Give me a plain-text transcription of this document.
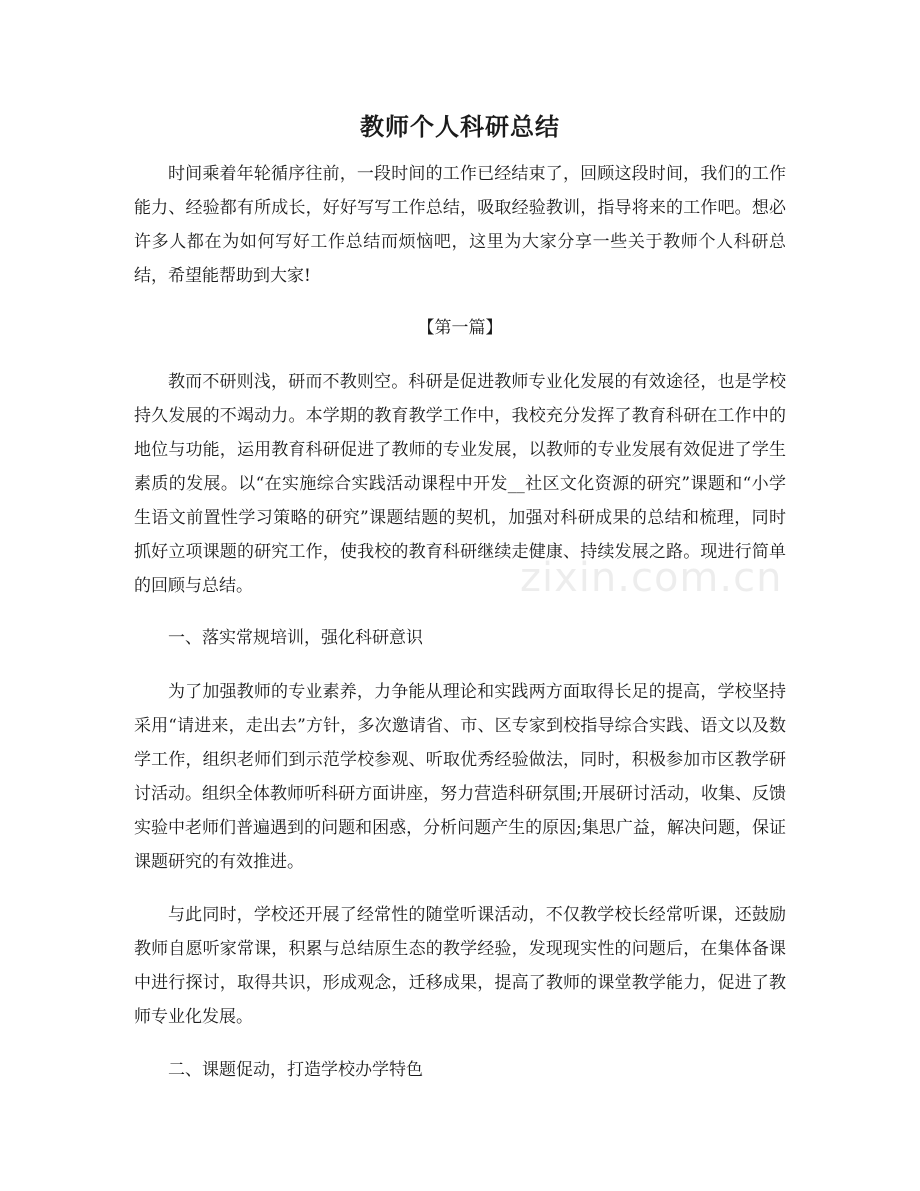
教师个人科研总结

时间乘着年轮循序往前，一段时间的工作已经结束了，回顾这段时间，我们的工作能力、经验都有所成长，好好写写工作总结，吸取经验教训，指导将来的工作吧。想必许多人都在为如何写好工作总结而烦恼吧，这里为大家分享一些关于教师个人科研总结，希望能帮助到大家!

【第一篇】

教而不研则浅，研而不教则空。科研是促进教师专业化发展的有效途径，也是学校持久发展的不竭动力。本学期的教育教学工作中，我校充分发挥了教育科研在工作中的地位与功能，运用教育科研促进了教师的专业发展，以教师的专业发展有效促进了学生素质的发展。以“在实施综合实践活动课程中开发__社区文化资源的研究”课题和“小学生语文前置性学习策略的研究”课题结题的契机，加强对科研成果的总结和梳理，同时抓好立项课题的研究工作，使我校的教育科研继续走健康、持续发展之路。现进行简单的回顾与总结。

一、落实常规培训，强化科研意识

为了加强教师的专业素养，力争能从理论和实践两方面取得长足的提高，学校坚持采用“请进来，走出去”方针，多次邀请省、市、区专家到校指导综合实践、语文以及数学工作，组织老师们到示范学校参观、听取优秀经验做法，同时，积极参加市区教学研讨活动。组织全体教师听科研方面讲座，努力营造科研氛围;开展研讨活动，收集、反馈实验中老师们普遍遇到的问题和困惑，分析问题产生的原因;集思广益，解决问题，保证课题研究的有效推进。

与此同时，学校还开展了经常性的随堂听课活动，不仅教学校长经常听课，还鼓励教师自愿听家常课，积累与总结原生态的教学经验，发现现实性的问题后，在集体备课中进行探讨，取得共识，形成观念，迁移成果，提高了教师的课堂教学能力，促进了教师专业化发展。

二、课题促动，打造学校办学特色
zixin.com.cn
